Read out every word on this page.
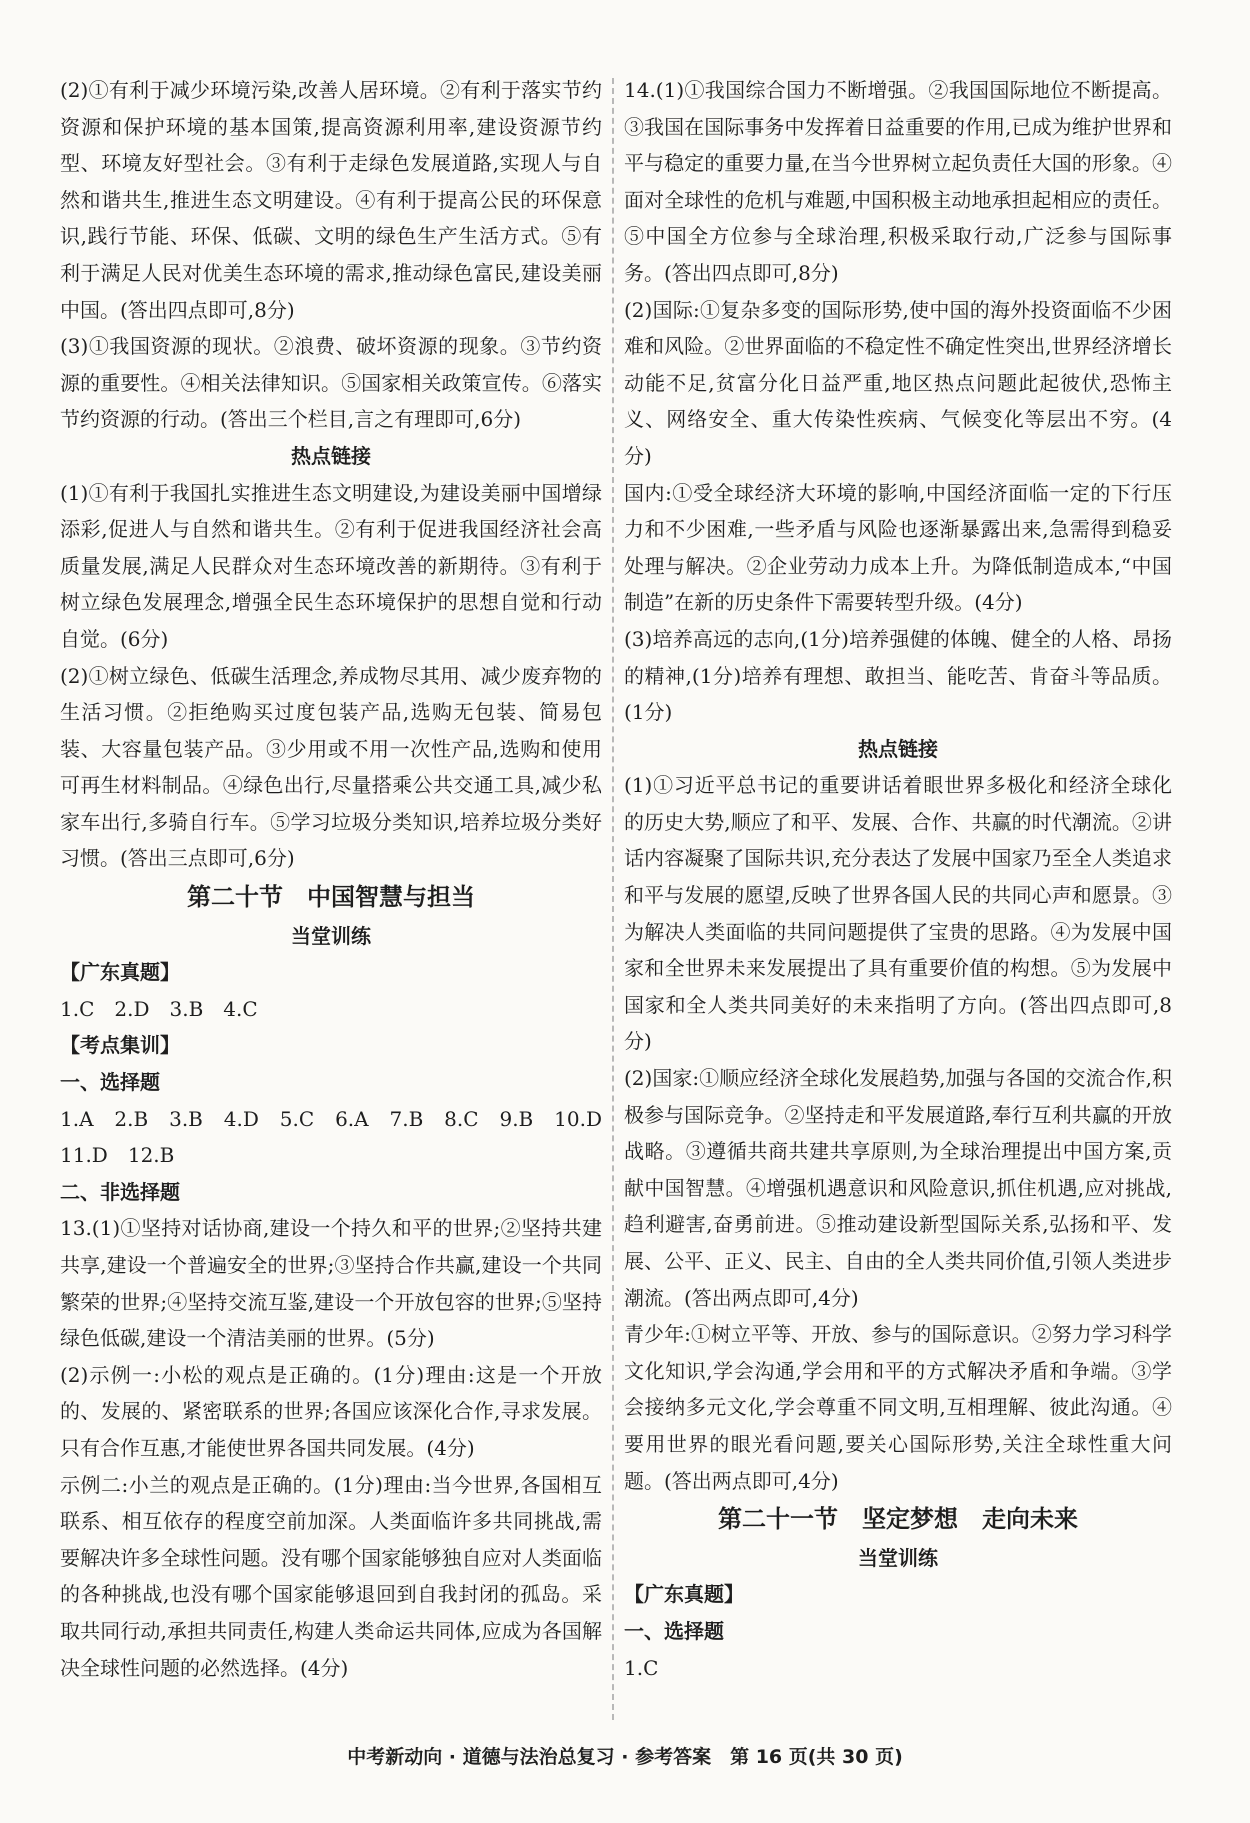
(2)①有利于减少环境污染,改善人居环境。②有利于落实节约资源和保护环境的基本国策,提高资源利用率,建设资源节约型、环境友好型社会。③有利于走绿色发展道路,实现人与自然和谐共生,推进生态文明建设。④有利于提高公民的环保意识,践行节能、环保、低碳、文明的绿色生产生活方式。⑤有利于满足人民对优美生态环境的需求,推动绿色富民,建设美丽中国。(答出四点即可,8分)

(3)①我国资源的现状。②浪费、破坏资源的现象。③节约资源的重要性。④相关法律知识。⑤国家相关政策宣传。⑥落实节约资源的行动。(答出三个栏目,言之有理即可,6分)

热点链接

(1)①有利于我国扎实推进生态文明建设,为建设美丽中国增绿添彩,促进人与自然和谐共生。②有利于促进我国经济社会高质量发展,满足人民群众对生态环境改善的新期待。③有利于树立绿色发展理念,增强全民生态环境保护的思想自觉和行动自觉。(6分)

(2)①树立绿色、低碳生活理念,养成物尽其用、减少废弃物的生活习惯。②拒绝购买过度包装产品,选购无包装、简易包装、大容量包装产品。③少用或不用一次性产品,选购和使用可再生材料制品。④绿色出行,尽量搭乘公共交通工具,减少私家车出行,多骑自行车。⑤学习垃圾分类知识,培养垃圾分类好习惯。(答出三点即可,6分)

第二十节　中国智慧与担当

当堂训练

【广东真题】

1.C　2.D　3.B　4.C

【考点集训】

一、选择题

1.A　2.B　3.B　4.D　5.C　6.A　7.B　8.C　9.B　10.D　11.D　12.B

二、非选择题

13.(1)①坚持对话协商,建设一个持久和平的世界;②坚持共建共享,建设一个普遍安全的世界;③坚持合作共赢,建设一个共同繁荣的世界;④坚持交流互鉴,建设一个开放包容的世界;⑤坚持绿色低碳,建设一个清洁美丽的世界。(5分)

(2)示例一:小松的观点是正确的。(1分)理由:这是一个开放的、发展的、紧密联系的世界;各国应该深化合作,寻求发展。只有合作互惠,才能使世界各国共同发展。(4分)

示例二:小兰的观点是正确的。(1分)理由:当今世界,各国相互联系、相互依存的程度空前加深。人类面临许多共同挑战,需要解决许多全球性问题。没有哪个国家能够独自应对人类面临的各种挑战,也没有哪个国家能够退回到自我封闭的孤岛。采取共同行动,承担共同责任,构建人类命运共同体,应成为各国解决全球性问题的必然选择。(4分)

14.(1)①我国综合国力不断增强。②我国国际地位不断提高。③我国在国际事务中发挥着日益重要的作用,已成为维护世界和平与稳定的重要力量,在当今世界树立起负责任大国的形象。④面对全球性的危机与难题,中国积极主动地承担起相应的责任。⑤中国全方位参与全球治理,积极采取行动,广泛参与国际事务。(答出四点即可,8分)

(2)国际:①复杂多变的国际形势,使中国的海外投资面临不少困难和风险。②世界面临的不稳定性不确定性突出,世界经济增长动能不足,贫富分化日益严重,地区热点问题此起彼伏,恐怖主义、网络安全、重大传染性疾病、气候变化等层出不穷。(4分)

国内:①受全球经济大环境的影响,中国经济面临一定的下行压力和不少困难,一些矛盾与风险也逐渐暴露出来,急需得到稳妥处理与解决。②企业劳动力成本上升。为降低制造成本,“中国制造”在新的历史条件下需要转型升级。(4分)

(3)培养高远的志向,(1分)培养强健的体魄、健全的人格、昂扬的精神,(1分)培养有理想、敢担当、能吃苦、肯奋斗等品质。(1分)

热点链接

(1)①习近平总书记的重要讲话着眼世界多极化和经济全球化的历史大势,顺应了和平、发展、合作、共赢的时代潮流。②讲话内容凝聚了国际共识,充分表达了发展中国家乃至全人类追求和平与发展的愿望,反映了世界各国人民的共同心声和愿景。③为解决人类面临的共同问题提供了宝贵的思路。④为发展中国家和全世界未来发展提出了具有重要价值的构想。⑤为发展中国家和全人类共同美好的未来指明了方向。(答出四点即可,8分)

(2)国家:①顺应经济全球化发展趋势,加强与各国的交流合作,积极参与国际竞争。②坚持走和平发展道路,奉行互利共赢的开放战略。③遵循共商共建共享原则,为全球治理提出中国方案,贡献中国智慧。④增强机遇意识和风险意识,抓住机遇,应对挑战,趋利避害,奋勇前进。⑤推动建设新型国际关系,弘扬和平、发展、公平、正义、民主、自由的全人类共同价值,引领人类进步潮流。(答出两点即可,4分)

青少年:①树立平等、开放、参与的国际意识。②努力学习科学文化知识,学会沟通,学会用和平的方式解决矛盾和争端。③学会接纳多元文化,学会尊重不同文明,互相理解、彼此沟通。④要用世界的眼光看问题,要关心国际形势,关注全球性重大问题。(答出两点即可,4分)

第二十一节　坚定梦想　走向未来

当堂训练

【广东真题】

一、选择题

1.C

中考新动向 · 道德与法治总复习 · 参考答案　第 16 页(共 30 页)
